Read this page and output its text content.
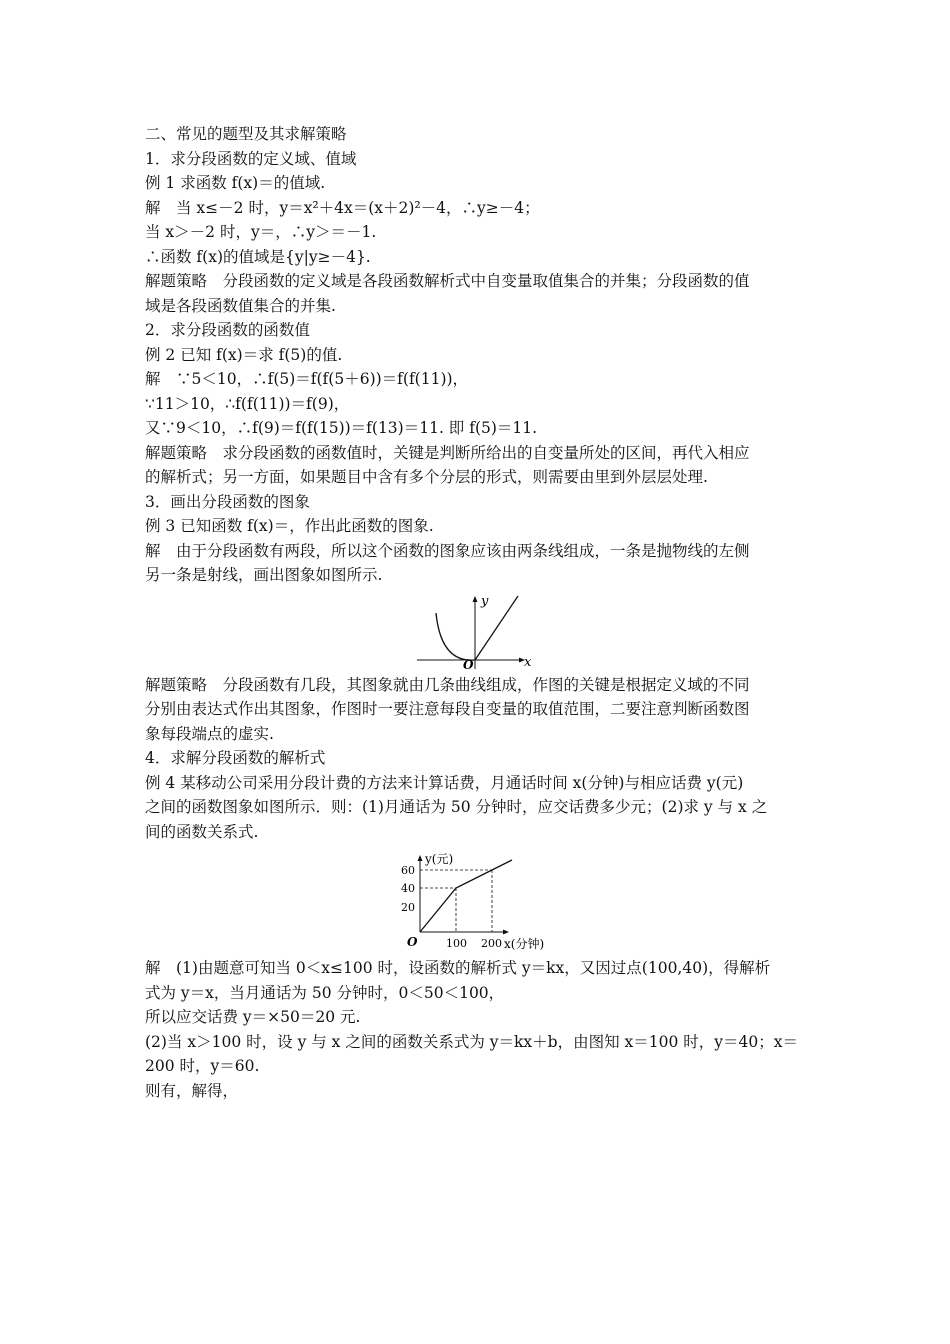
二、常见的题型及其求解策略
1．求分段函数的定义域、值域
例 1 求函数 f(x)＝的值域.
解　当 x≤－2 时，y＝x²＋4x＝(x＋2)²－4，∴y≥－4；
当 x＞－2 时，y＝，∴y＞＝－1.
∴函数 f(x)的值域是{y|y≥－4}.
解题策略　分段函数的定义域是各段函数解析式中自变量取值集合的并集；分段函数的值
域是各段函数值集合的并集.
2．求分段函数的函数值
例 2 已知 f(x)＝求 f(5)的值.
解　∵5＜10，∴f(5)＝f(f(5＋6))＝f(f(11))，
∵11＞10，∴f(f(11))＝f(9)，
又∵9＜10，∴f(9)＝f(f(15))＝f(13)＝11. 即 f(5)＝11.
解题策略　求分段函数的函数值时，关键是判断所给出的自变量所处的区间，再代入相应
的解析式；另一方面，如果题目中含有多个分层的形式，则需要由里到外层层处理.
3．画出分段函数的图象
例 3 已知函数 f(x)＝，作出此函数的图象.
解　由于分段函数有两段，所以这个函数的图象应该由两条线组成，一条是抛物线的左侧
另一条是射线，画出图象如图所示.
y
x
O
解题策略　分段函数有几段，其图象就由几条曲线组成，作图的关键是根据定义域的不同
分别由表达式作出其图象，作图时一要注意每段自变量的取值范围，二要注意判断函数图
象每段端点的虚实.
4．求解分段函数的解析式
例 4 某移动公司采用分段计费的方法来计算话费，月通话时间 x(分钟)与相应话费 y(元)
之间的函数图象如图所示．则：(1)月通话为 50 分钟时，应交话费多少元；(2)求 y 与 x 之
间的函数关系式.
y(元)
60
40
20
O	100 200 x(分钟)
解　(1)由题意可知当 0＜x≤100 时，设函数的解析式 y＝kx，又因过点(100,40)，得解析
式为 y＝x，当月通话为 50 分钟时，0＜50＜100，
所以应交话费 y＝×50＝20 元.
(2)当 x＞100 时，设 y 与 x 之间的函数关系式为 y＝kx＋b，由图知 x＝100 时，y＝40；x＝
200 时，y＝60.
则有，解得，
